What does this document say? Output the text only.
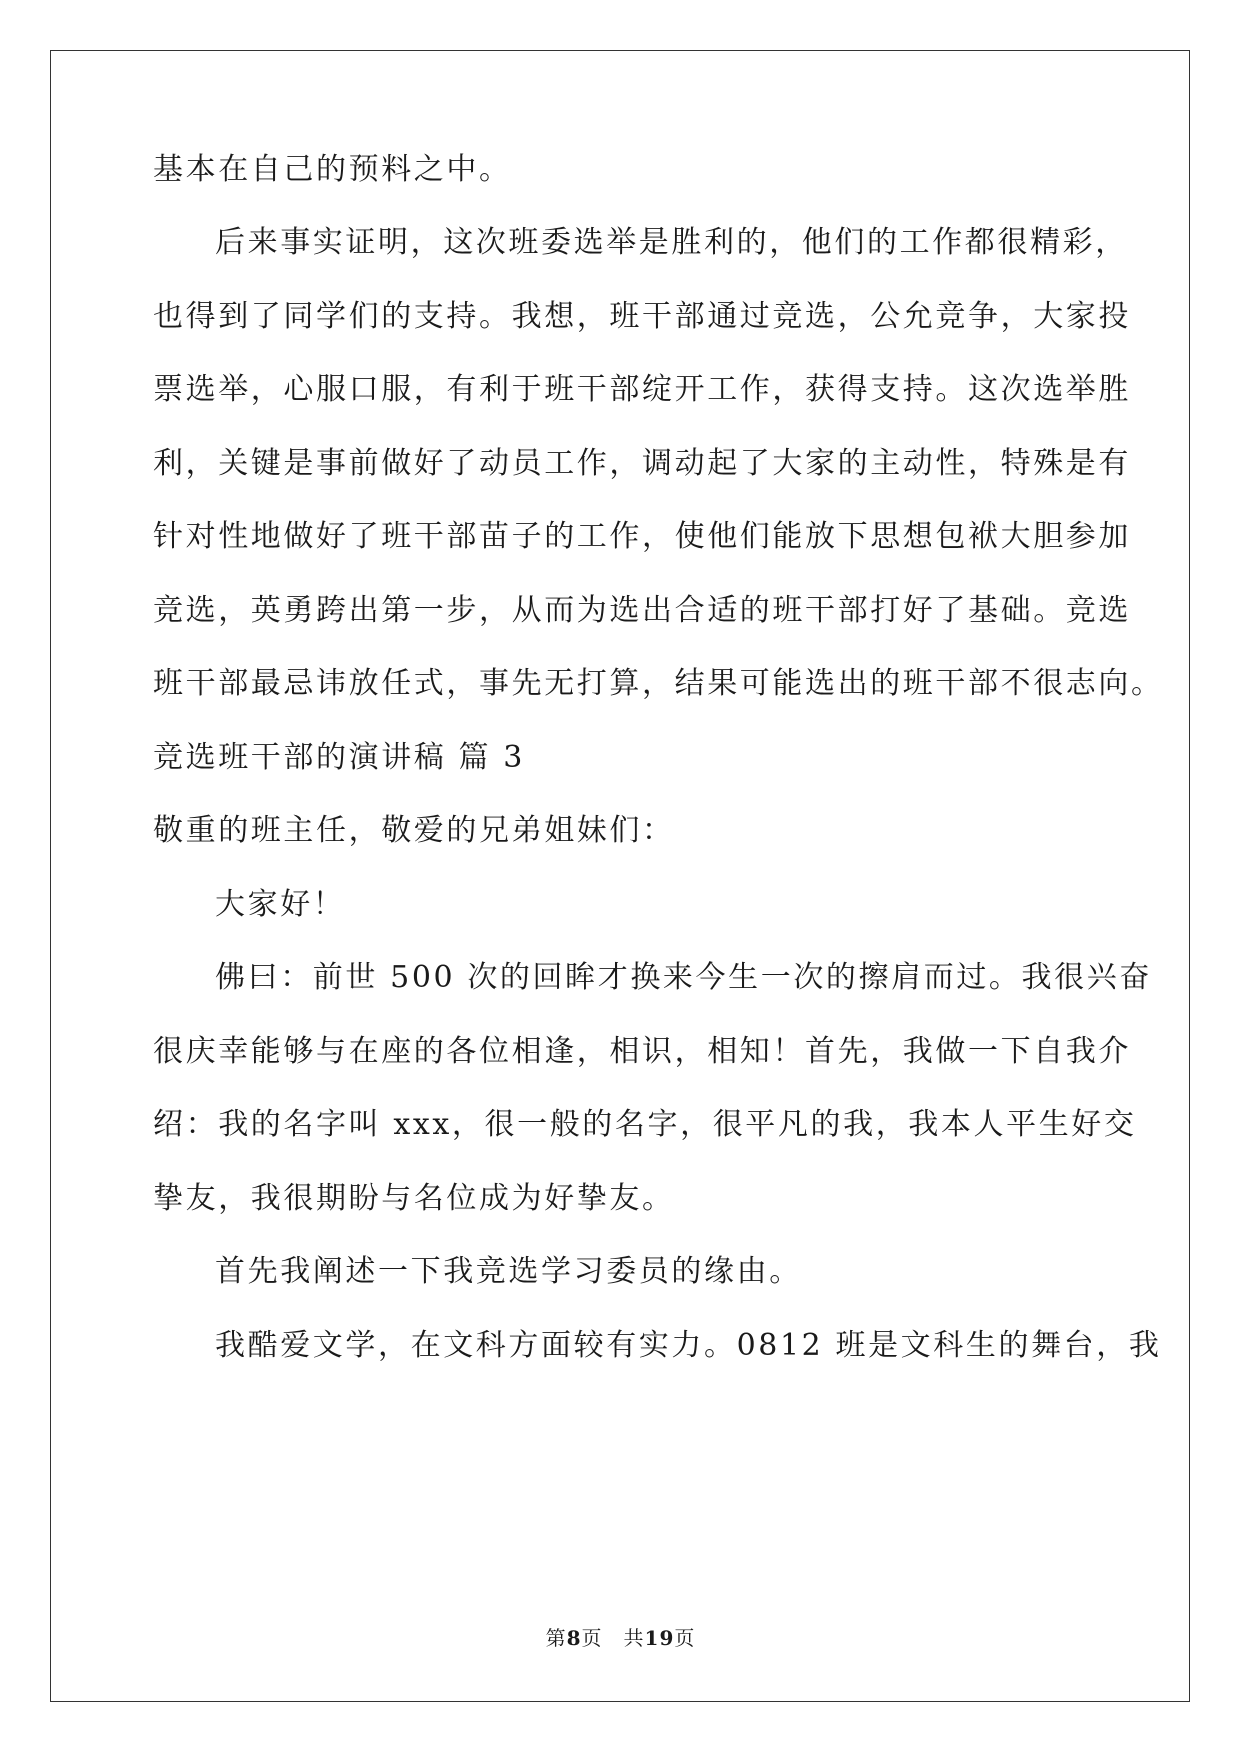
基本在自己的预料之中。
后来事实证明，这次班委选举是胜利的，他们的工作都很精彩，
也得到了同学们的支持。我想，班干部通过竞选，公允竞争，大家投
票选举，心服口服，有利于班干部绽开工作，获得支持。这次选举胜
利，关键是事前做好了动员工作，调动起了大家的主动性，特殊是有
针对性地做好了班干部苗子的工作，使他们能放下思想包袱大胆参加
竞选，英勇跨出第一步，从而为选出合适的班干部打好了基础。竞选
班干部最忌讳放任式，事先无打算，结果可能选出的班干部不很志向。
竞选班干部的演讲稿 篇 3
敬重的班主任，敬爱的兄弟姐妹们：
大家好！
佛曰：前世 500 次的回眸才换来今生一次的擦肩而过。我很兴奋
很庆幸能够与在座的各位相逢，相识，相知！首先，我做一下自我介
绍：我的名字叫 xxx，很一般的名字，很平凡的我，我本人平生好交
挚友，我很期盼与名位成为好挚友。
首先我阐述一下我竞选学习委员的缘由。
我酷爱文学，在文科方面较有实力。0812 班是文科生的舞台，我
第8页　共19页
